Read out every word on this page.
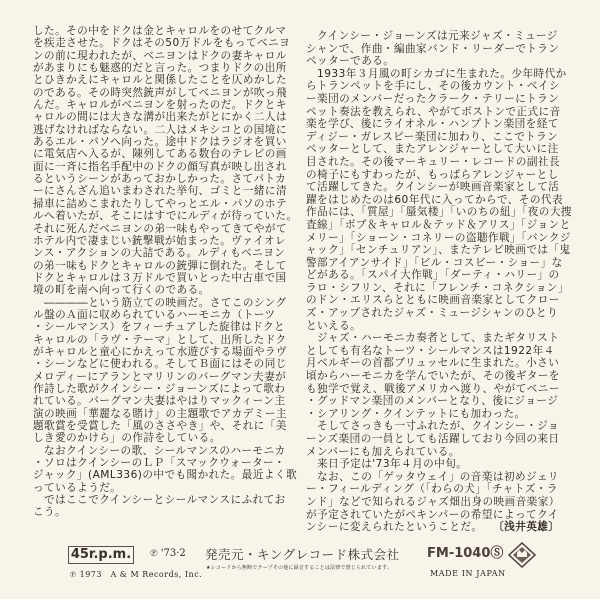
した。その中をドクは金とキャロルをのせてクルマ
を疾走させた。ドクはその50万ドルをもってベニヨ
ンの前に現われたが、ベニヨンはドクの妻キャロル
があまりにも魅惑的だと言った。つまりドクの出所
とひきかえにキャロルと関係したことを仄めかした
のである。その時突然銃声がしてベニヨンが吹っ飛
んだ。キャロルがベニヨンを射ったのだ。ドクとキ
ャロルの間には大きな溝が出来たがとにかく二人は
逃げなければならない。二人はメキシコとの国境に
あるエル・パソへ向った。途中ドクはラジオを買い
に電気店へ入るが、陳列してある数台のテレビの画
面に一斉に指名手配中のドクの顔写真が映し出され
るというシーンがあっておかしかった。さてパトカ
ーにさんざん追いまわされた挙句、ゴミと一緒に清
掃車に詰めこまれたりしてやっとエル・パソのホテ
ルへ着いたが、そこにはすでにルディが待っていた。
それに死んだベニヨンの弟一味もやってきてやがて
ホテル内で凄まじい銃撃戦が始まった。ヴァイオレ
ンス・アクションの大詰である。ルディもベニヨン
の弟一味もドクとキャロルの銃弾に倒れた。そして
ドクとキャロルは３万ドルで買いとった中古車で国
境の町を南へ向って行くのである。
　――――という筋立ての映画だ。さてこのシング
ル盤のＡ面に収められているハーモニカ（トーツ
・シールマンス）をフィーチュアした旋律はドクと
キャロルの「ラヴ・テーマ」として、出所したドク
がキャロルと童心にかえって水遊びする場面やラヴ
・シーンなどに使われる。そしてＢ面にはその同じ
メロディーにアランとマリリンのバーグマン夫妻が
作詩した歌がクインシー・ジョーンズによって歌わ
れている。バーグマン夫妻はやはりマックィーン主
演の映画「華麗なる賭け」の主題歌でアカデミー主
題歌賞を受賞した「風のささやき」や、それに「美
しき愛のかけら」の作詩をしている。
　なおクインシーの歌、シールマンスのハーモニカ
・ソロはクインシーのＬＰ「スマックウォーター・
ジャック」(AML336)の中でも聞かれた。最近よく歌
っているようだ。
　ではここでクインシーとシールマンスにふれてお
こう。
　クインシー・ジョーンズは元来ジャズ・ミュージ
シャンで、作曲・編曲家バンド・リーダーでトラン
ペッターである。
　1933年３月風の町シカゴに生まれた。少年時代か
らトランペットを手にし、その後カウント・ベイシ
ー楽団のメンバーだったクラーク・テリーにトラン
ペット奏法を教えられ、やがてボストンで正式に音
楽を学び、後にライオネル・ハンプトン楽団を経て
ディジー・ガレスピー楽団に加わり、ここでトラン
ペッターとして、またアレンジャーとして大いに注
目された。その後マーキュリー・レコードの副社長
の椅子にもすわったが、もっぱらアレンジャーとし
て活躍してきた。クインシーが映画音楽家として活
躍をはじめたのは60年代に入ってからで、その代表
作品には、「質屋」「蜃気楼」「いのちの紐」「夜の大捜
査線」「ボブ＆キャロル＆テッド＆アリス」「ジョンと
メリー」「ショーン・コネリーの盗聴作戦」「バンクジ
ャック」「センチュリアン」、またテレビ映画では「鬼
警部アイアンサイド」「ビル・コスビー・ショー」な
どがある。「スパイ大作戦」「ダーティ・ハリー」の
ラロ・シフリン、それに「フレンチ・コネクション」
のドン・エリスらとともに映画音楽家としてクロー
ズ・アップされたジャズ・ミュージシャンのひとり
といえる。
　ジャズ・ハーモニカ奏者として、またギタリスト
としても有名なトーツ・シールマンスは1922年４
月ベルギーの首都ブリュッセルに生まれた。小さい
頃からハーモニカを学んでいたが、その後ギターを
も独学で覚え、戦後アメリカへ渡り、やがてベニー
・グッドマン楽団のメンバーとなり、後にジョージ
・シアリング・クインテットにも加わった。
　そしてさっきも一寸ふれたが、クインシー・ジョ
ーンズ楽団の一員としても活躍しており今回の来日
メンバーにも加えられている。
　来日予定は'73年４月の中旬。
　なお、この「ゲッタウェイ」の音楽は初めジェリ
ー・フィールディング（「わらの犬」「チャトズ・ラ
ンド」などで知られるジャズ畑出身の映画音楽家）
が予定されていたがペキンパーの希望によってクイ
ンシーに変えられたということだ。 〔浅井英雄〕
45r.p.m. ℗ '73·2
℗ 1973　A & M Records, Inc.
発売元・キングレコード株式会社
★レコードから無断でテープその他に録音することは法律で禁じられています。
FM-1040Ⓢ
MADE IN JAPAN
